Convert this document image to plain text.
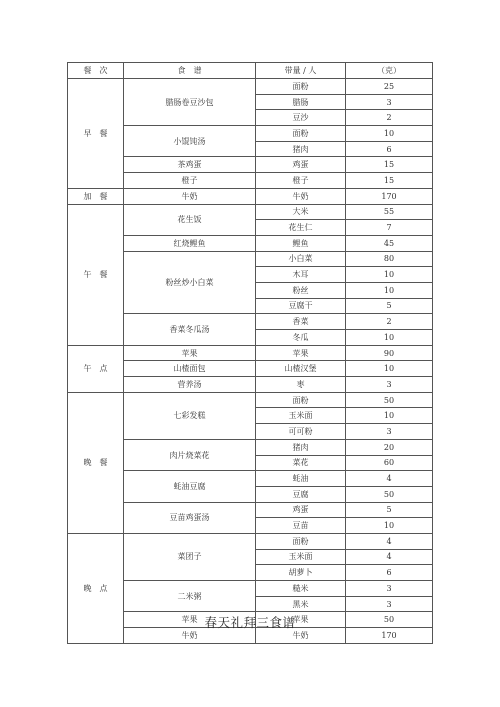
餐　次	食　谱	带量 / 人	（克）
早　餐	腊肠卷豆沙包	面粉	25
		腊肠	3
		豆沙	2
	小馄饨汤	面粉	10
		猪肉	6
	茶鸡蛋	鸡蛋	15
	橙子	橙子	15
加　餐	牛奶	牛奶	170
午　餐	花生饭	大米	55
		花生仁	7
	红烧鲤鱼	鲤鱼	45
	粉丝炒小白菜	小白菜	80
		木耳	10
		粉丝	10
		豆腐干	5
	香菜冬瓜汤	香菜	2
		冬瓜	10
午　点	苹果	苹果	90
	山楂面包	山楂汉堡	10
	营养汤	枣	3
晚　餐	七彩发糕	面粉	50
		玉米面	10
		可可粉	3
	肉片烧菜花	猪肉	20
		菜花	60
	蚝油豆腐	蚝油	4
		豆腐	50
	豆苗鸡蛋汤	鸡蛋	5
		豆苗	10
晚　点	菜团子	面粉	4
		玉米面	4
		胡萝卜	6
	二米粥	糙米	3
		黑米	3
	苹果	苹果	50
	牛奶	牛奶	170
春天礼拜三食谱
